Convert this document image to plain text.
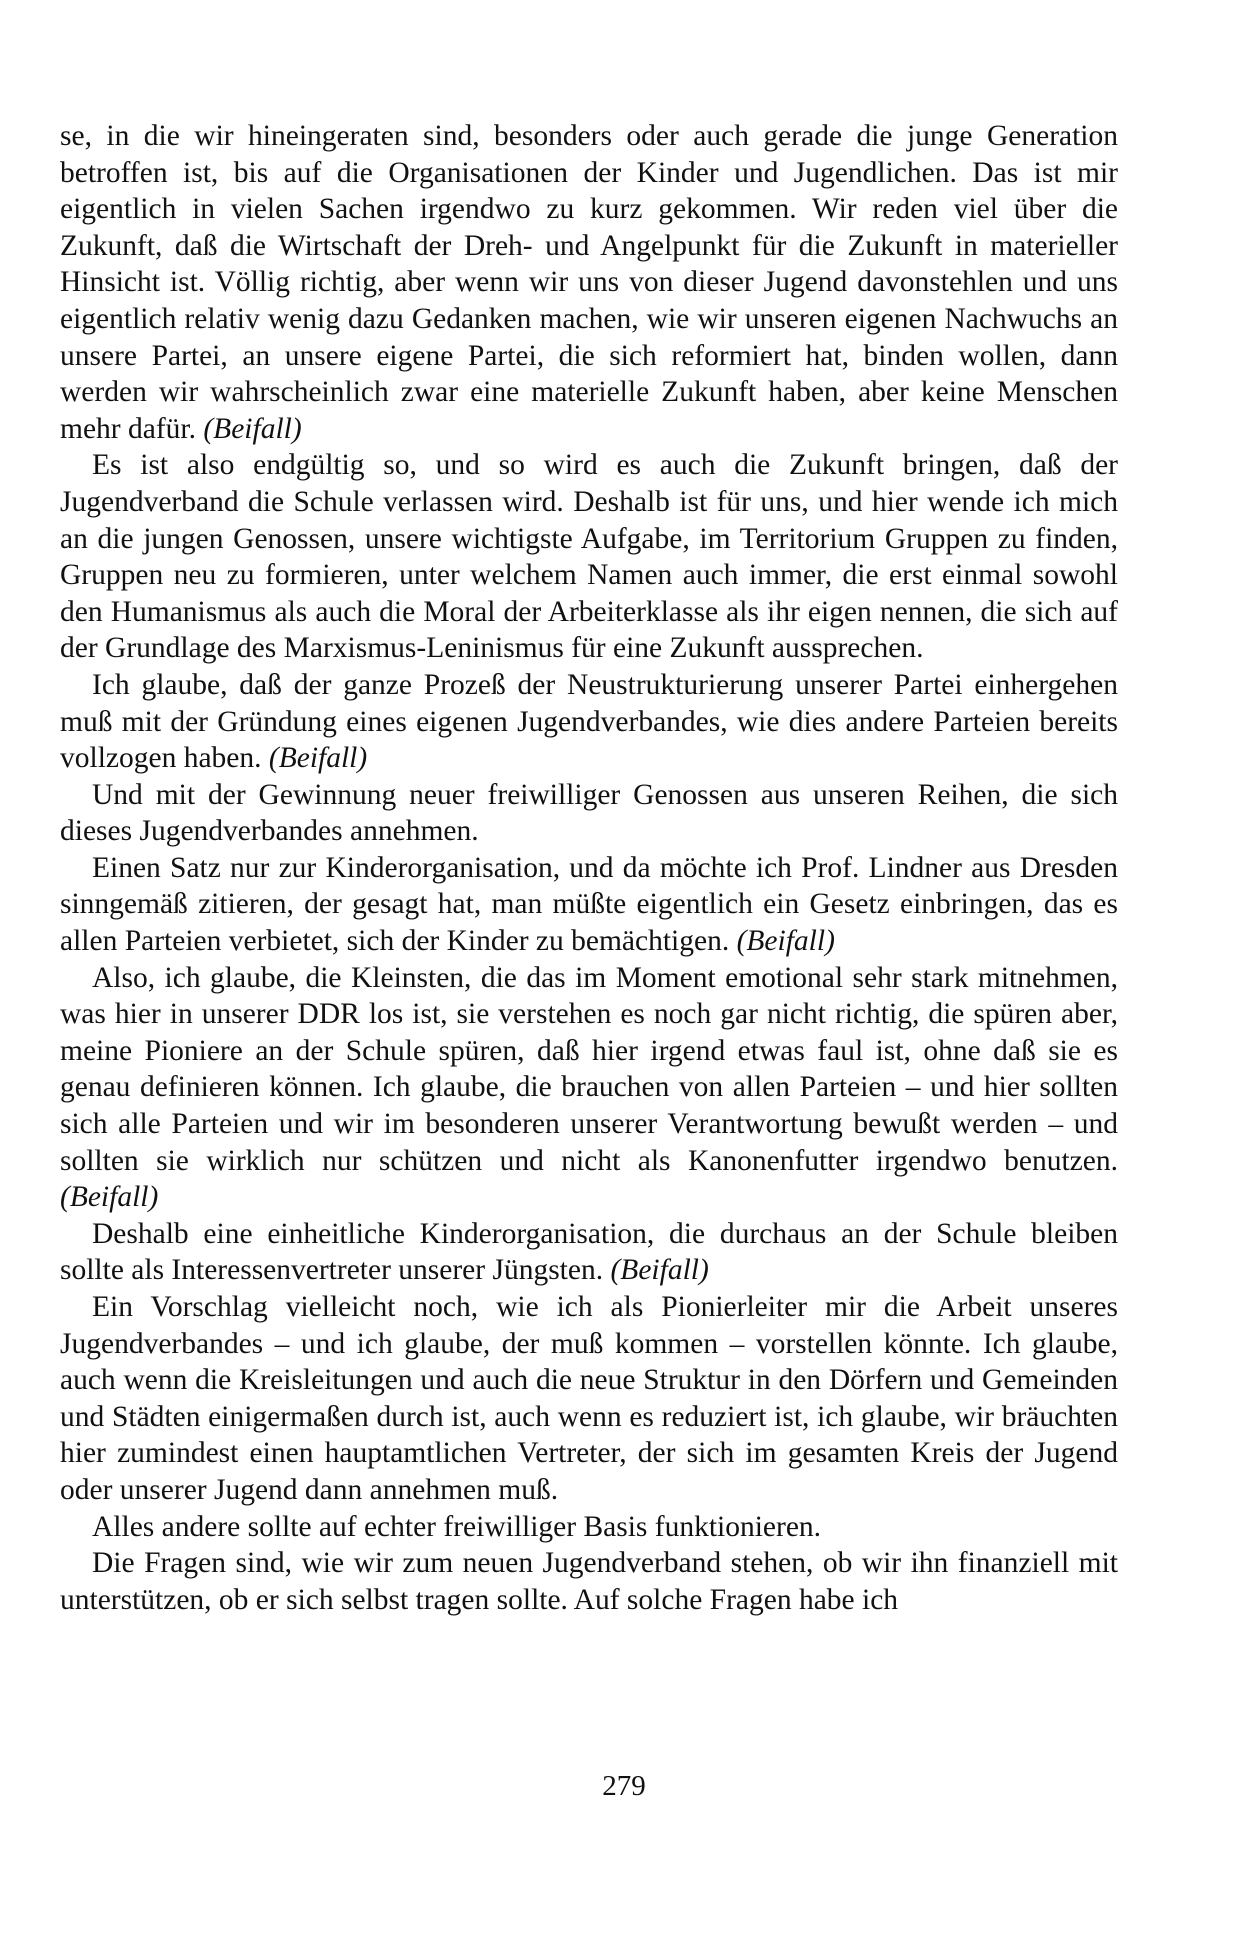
se, in die wir hineingeraten sind, besonders oder auch gerade die junge Generation betroffen ist, bis auf die Organisationen der Kinder und Jugendlichen. Das ist mir eigentlich in vielen Sachen irgendwo zu kurz gekommen. Wir reden viel über die Zukunft, daß die Wirtschaft der Dreh- und Angelpunkt für die Zukunft in materieller Hinsicht ist. Völlig richtig, aber wenn wir uns von dieser Jugend davonstehlen und uns eigentlich relativ wenig dazu Gedanken machen, wie wir unseren eigenen Nachwuchs an unsere Partei, an unsere eigene Partei, die sich reformiert hat, binden wollen, dann werden wir wahrscheinlich zwar eine materielle Zukunft haben, aber keine Menschen mehr dafür. (Beifall)

Es ist also endgültig so, und so wird es auch die Zukunft bringen, daß der Jugendverband die Schule verlassen wird. Deshalb ist für uns, und hier wende ich mich an die jungen Genossen, unsere wichtigste Aufgabe, im Territorium Gruppen zu finden, Gruppen neu zu formieren, unter welchem Namen auch immer, die erst einmal sowohl den Humanismus als auch die Moral der Arbeiterklasse als ihr eigen nennen, die sich auf der Grundlage des Marxismus-Leninismus für eine Zukunft aussprechen.

Ich glaube, daß der ganze Prozeß der Neustrukturierung unserer Partei einhergehen muß mit der Gründung eines eigenen Jugendverbandes, wie dies andere Parteien bereits vollzogen haben. (Beifall)

Und mit der Gewinnung neuer freiwilliger Genossen aus unseren Reihen, die sich dieses Jugendverbandes annehmen.

Einen Satz nur zur Kinderorganisation, und da möchte ich Prof. Lindner aus Dresden sinngemäß zitieren, der gesagt hat, man müßte eigentlich ein Gesetz einbringen, das es allen Parteien verbietet, sich der Kinder zu bemächtigen. (Beifall)

Also, ich glaube, die Kleinsten, die das im Moment emotional sehr stark mitnehmen, was hier in unserer DDR los ist, sie verstehen es noch gar nicht richtig, die spüren aber, meine Pioniere an der Schule spüren, daß hier irgend etwas faul ist, ohne daß sie es genau definieren können. Ich glaube, die brauchen von allen Parteien – und hier sollten sich alle Parteien und wir im besonderen unserer Verantwortung bewußt werden – und sollten sie wirklich nur schützen und nicht als Kanonenfutter irgendwo benutzen. (Beifall)

Deshalb eine einheitliche Kinderorganisation, die durchaus an der Schule bleiben sollte als Interessenvertreter unserer Jüngsten. (Beifall)

Ein Vorschlag vielleicht noch, wie ich als Pionierleiter mir die Arbeit unseres Jugendverbandes – und ich glaube, der muß kommen – vorstellen könnte. Ich glaube, auch wenn die Kreisleitungen und auch die neue Struktur in den Dörfern und Gemeinden und Städten einigermaßen durch ist, auch wenn es reduziert ist, ich glaube, wir bräuchten hier zumindest einen hauptamtlichen Vertreter, der sich im gesamten Kreis der Jugend oder unserer Jugend dann annehmen muß.

Alles andere sollte auf echter freiwilliger Basis funktionieren.

Die Fragen sind, wie wir zum neuen Jugendverband stehen, ob wir ihn finanziell mit unterstützen, ob er sich selbst tragen sollte. Auf solche Fragen habe ich

279
